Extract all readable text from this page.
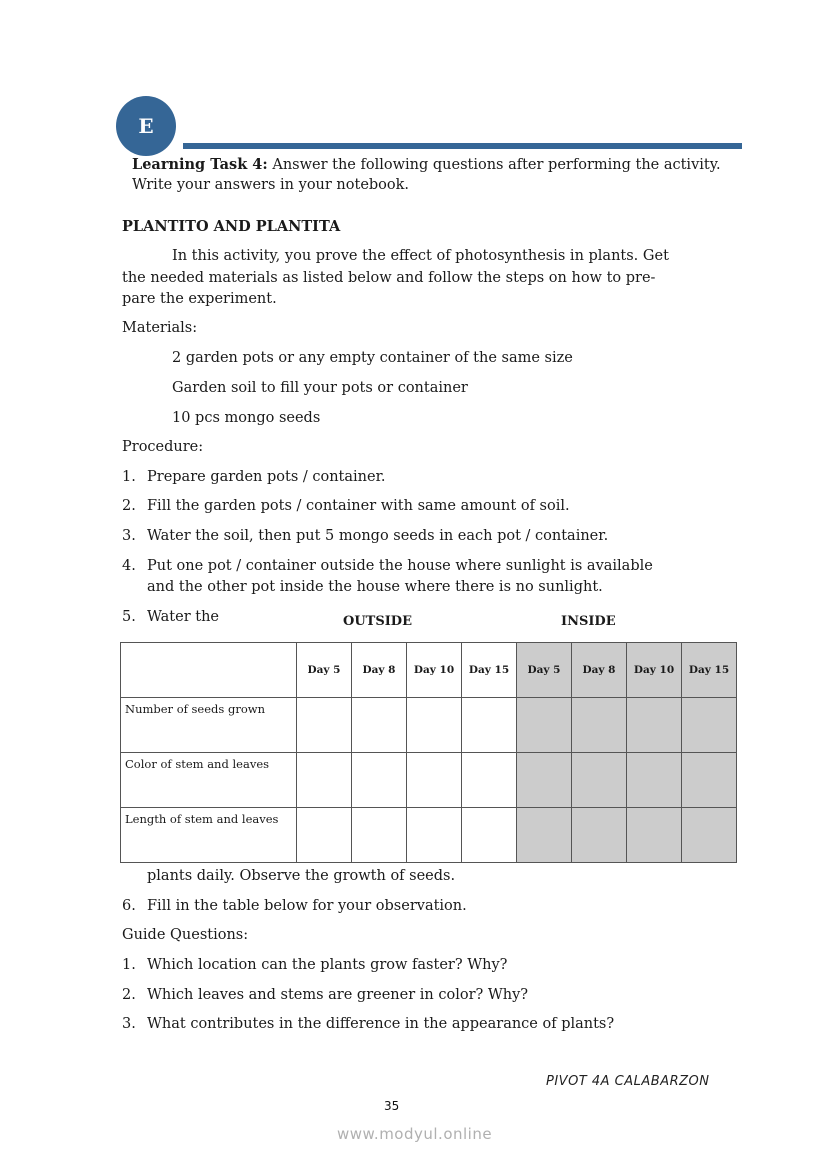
E
Learning Task 4: Answer the following questions after performing the activity.
Write your answers in your notebook.
PLANTITO AND PLANTITA
In this activity, you prove the effect of photosynthesis in plants. Get
the needed materials as listed below and follow the steps on how to pre-
pare the experiment.
Materials:
2 garden pots or any empty container of the same size
Garden soil to fill your pots or container
10 pcs mongo seeds
Procedure:
1. Prepare garden pots / container.
2. Fill the garden pots / container with same amount of soil.
3. Water the soil, then put 5 mongo seeds in each pot / container.
4. Put one pot / container outside the house where sunlight is available
and the other pot inside the house where there is no sunlight.
5. Water the	OUTSIDE	INSIDE
	Day 5	Day 8	Day 10	Day 15	Day 5	Day 8	Day 10	Day 15
Number of seeds grown								
Color of stem and leaves								
Length of stem and leaves								
plants daily. Observe the growth of seeds.
6. Fill in the table below for your observation.
Guide Questions:
1. Which location can the plants grow faster? Why?
2. Which leaves and stems are greener in color? Why?
3. What contributes in the difference in the appearance of plants?
PIVOT 4A CALABARZON
35
www.modyul.online
